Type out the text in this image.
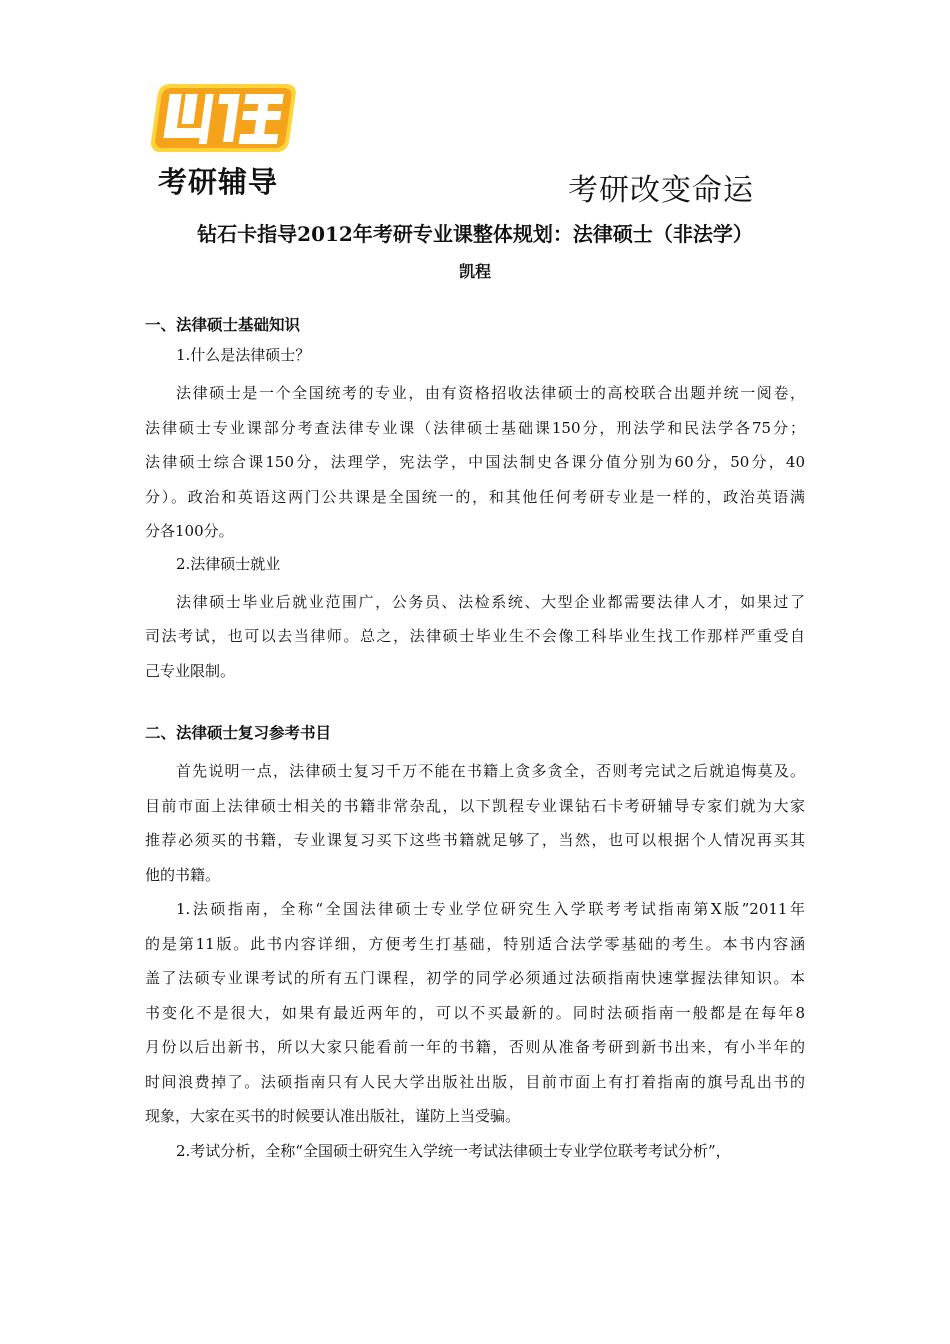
考研辅导	考研改变命运
钻石卡指导2012年考研专业课整体规划：法律硕士（非法学）
凯程
一、法律硕士基础知识
1.什么是法律硕士？
法律硕士是一个全国统考的专业，由有资格招收法律硕士的高校联合出题并统一阅卷，
法律硕士专业课部分考查法律专业课（法律硕士基础课150分，刑法学和民法学各75分；
法律硕士综合课150分，法理学，宪法学，中国法制史各课分值分别为60分，50分，40
分）。政治和英语这两门公共课是全国统一的，和其他任何考研专业是一样的，政治英语满
分各100分。
2.法律硕士就业
法律硕士毕业后就业范围广，公务员、法检系统、大型企业都需要法律人才，如果过了
司法考试，也可以去当律师。总之，法律硕士毕业生不会像工科毕业生找工作那样严重受自
己专业限制。
二、法律硕士复习参考书目
首先说明一点，法律硕士复习千万不能在书籍上贪多贪全，否则考完试之后就追悔莫及。
目前市面上法律硕士相关的书籍非常杂乱，以下凯程专业课钻石卡考研辅导专家们就为大家
推荐必须买的书籍，专业课复习买下这些书籍就足够了，当然，也可以根据个人情况再买其
他的书籍。
1.法硕指南，全称“全国法律硕士专业学位研究生入学联考考试指南第X版”2011年
的是第11版。此书内容详细，方便考生打基础，特别适合法学零基础的考生。本书内容涵
盖了法硕专业课考试的所有五门课程，初学的同学必须通过法硕指南快速掌握法律知识。本
书变化不是很大，如果有最近两年的，可以不买最新的。同时法硕指南一般都是在每年8
月份以后出新书，所以大家只能看前一年的书籍，否则从准备考研到新书出来，有小半年的
时间浪费掉了。法硕指南只有人民大学出版社出版，目前市面上有打着指南的旗号乱出书的
现象，大家在买书的时候要认准出版社，谨防上当受骗。
2.考试分析，全称“全国硕士研究生入学统一考试法律硕士专业学位联考考试分析”，
